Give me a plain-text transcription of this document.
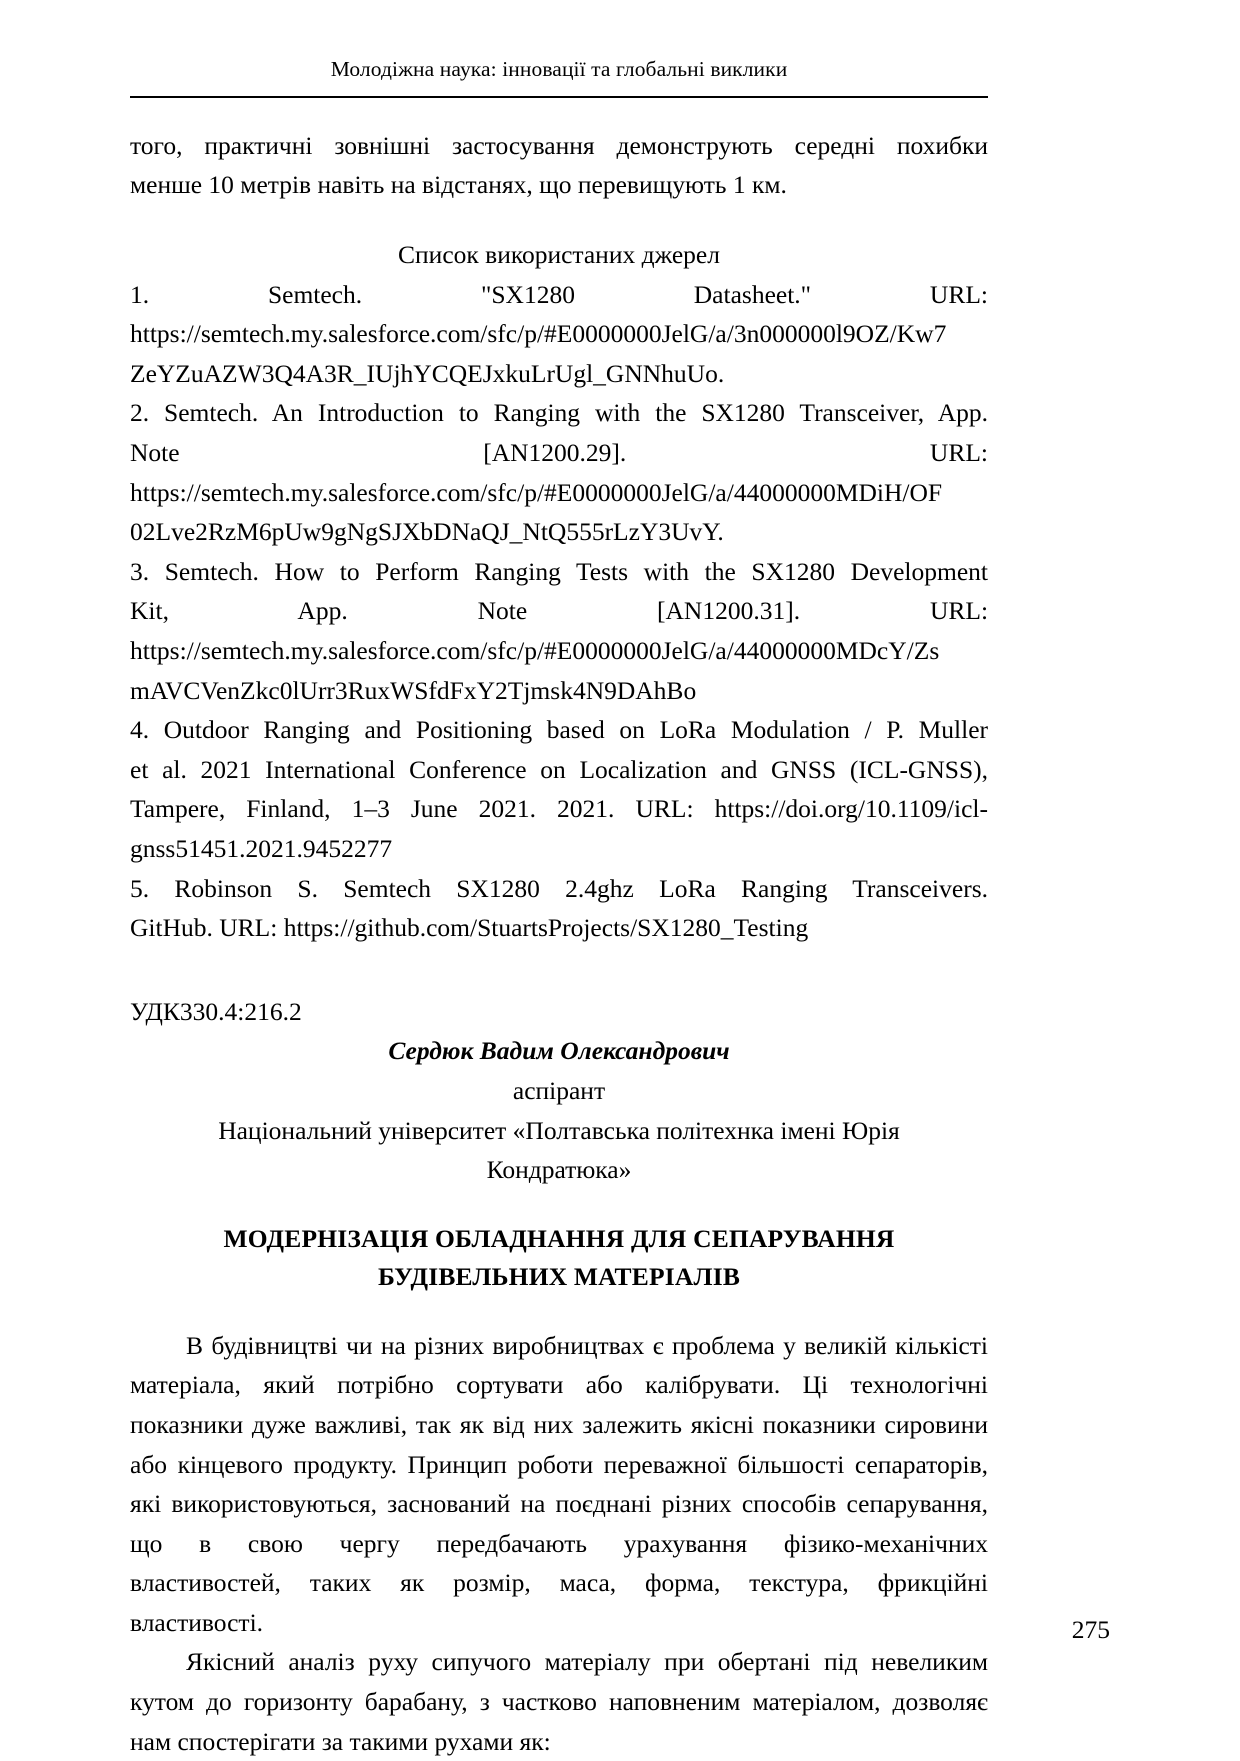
Молодіжна наука: інновації та глобальні виклики
того, практичні зовнішні застосування демонструють середні похибки
менше 10 метрів навіть на відстанях, що перевищують 1 км.
Список використаних джерел
1. Semtech.	"SX1280	Datasheet."	URL:
https://semtech.my.salesforce.com/sfc/p/#E0000000JelG/a/3n000000l9OZ/Kw7
ZeYZuAZW3Q4A3R_IUjhYCQEJxkuLrUgl_GNNhuUo.
2. Semtech. An Introduction to Ranging with the SX1280 Transceiver, App.
Note	[AN1200.29].	URL:
https://semtech.my.salesforce.com/sfc/p/#E0000000JelG/a/44000000MDiH/OF
02Lve2RzM6pUw9gNgSJXbDNaQJ_NtQ555rLzY3UvY.
3. Semtech. How to Perform Ranging Tests with the SX1280 Development
Kit,	App.	Note	[AN1200.31].	URL:
https://semtech.my.salesforce.com/sfc/p/#E0000000JelG/a/44000000MDcY/Zs
mAVCVenZkc0lUrr3RuxWSfdFxY2Tjmsk4N9DAhBo
4. Outdoor Ranging and Positioning based on LoRa Modulation / P. Muller
et al. 2021 International Conference on Localization and GNSS (ICL-GNSS),
Tampere, Finland, 1–3 June 2021. 2021. URL: https://doi.org/10.1109/icl-
gnss51451.2021.9452277
5. Robinson S. Semtech SX1280 2.4ghz LoRa Ranging Transceivers.
GitHub. URL: https://github.com/StuartsProjects/SX1280_Testing
УДК330.4:216.2
Сердюк Вадим Олександрович
аспірант
Національний університет «Полтавська політехнка імені Юрія
Кондратюка»
МОДЕРНІЗАЦІЯ ОБЛАДНАННЯ ДЛЯ СЕПАРУВАННЯ
БУДІВЕЛЬНИХ МАТЕРІАЛІВ
В будівництві чи на різних виробництвах є проблема у великій кількісті
матеріала, який потрібно сортувати або калібрувати. Ці технологічні
показники дуже важливі, так як від них залежить якісні показники сировини
або кінцевого продукту. Принцип роботи переважної більшості сепараторів,
які використовуються, заснований на поєднані різних способів сепарування,
що в свою чергу передбачають урахування фізико-механічних
властивостей, таких як розмір, маса, форма, текстура, фрикційні
властивості.
Якісний аналіз руху сипучого матеріалу при обертані під невеликим
кутом до горизонту барабану, з частково наповненим матеріалом, дозволяє
нам спостерігати за такими рухами як:
275
